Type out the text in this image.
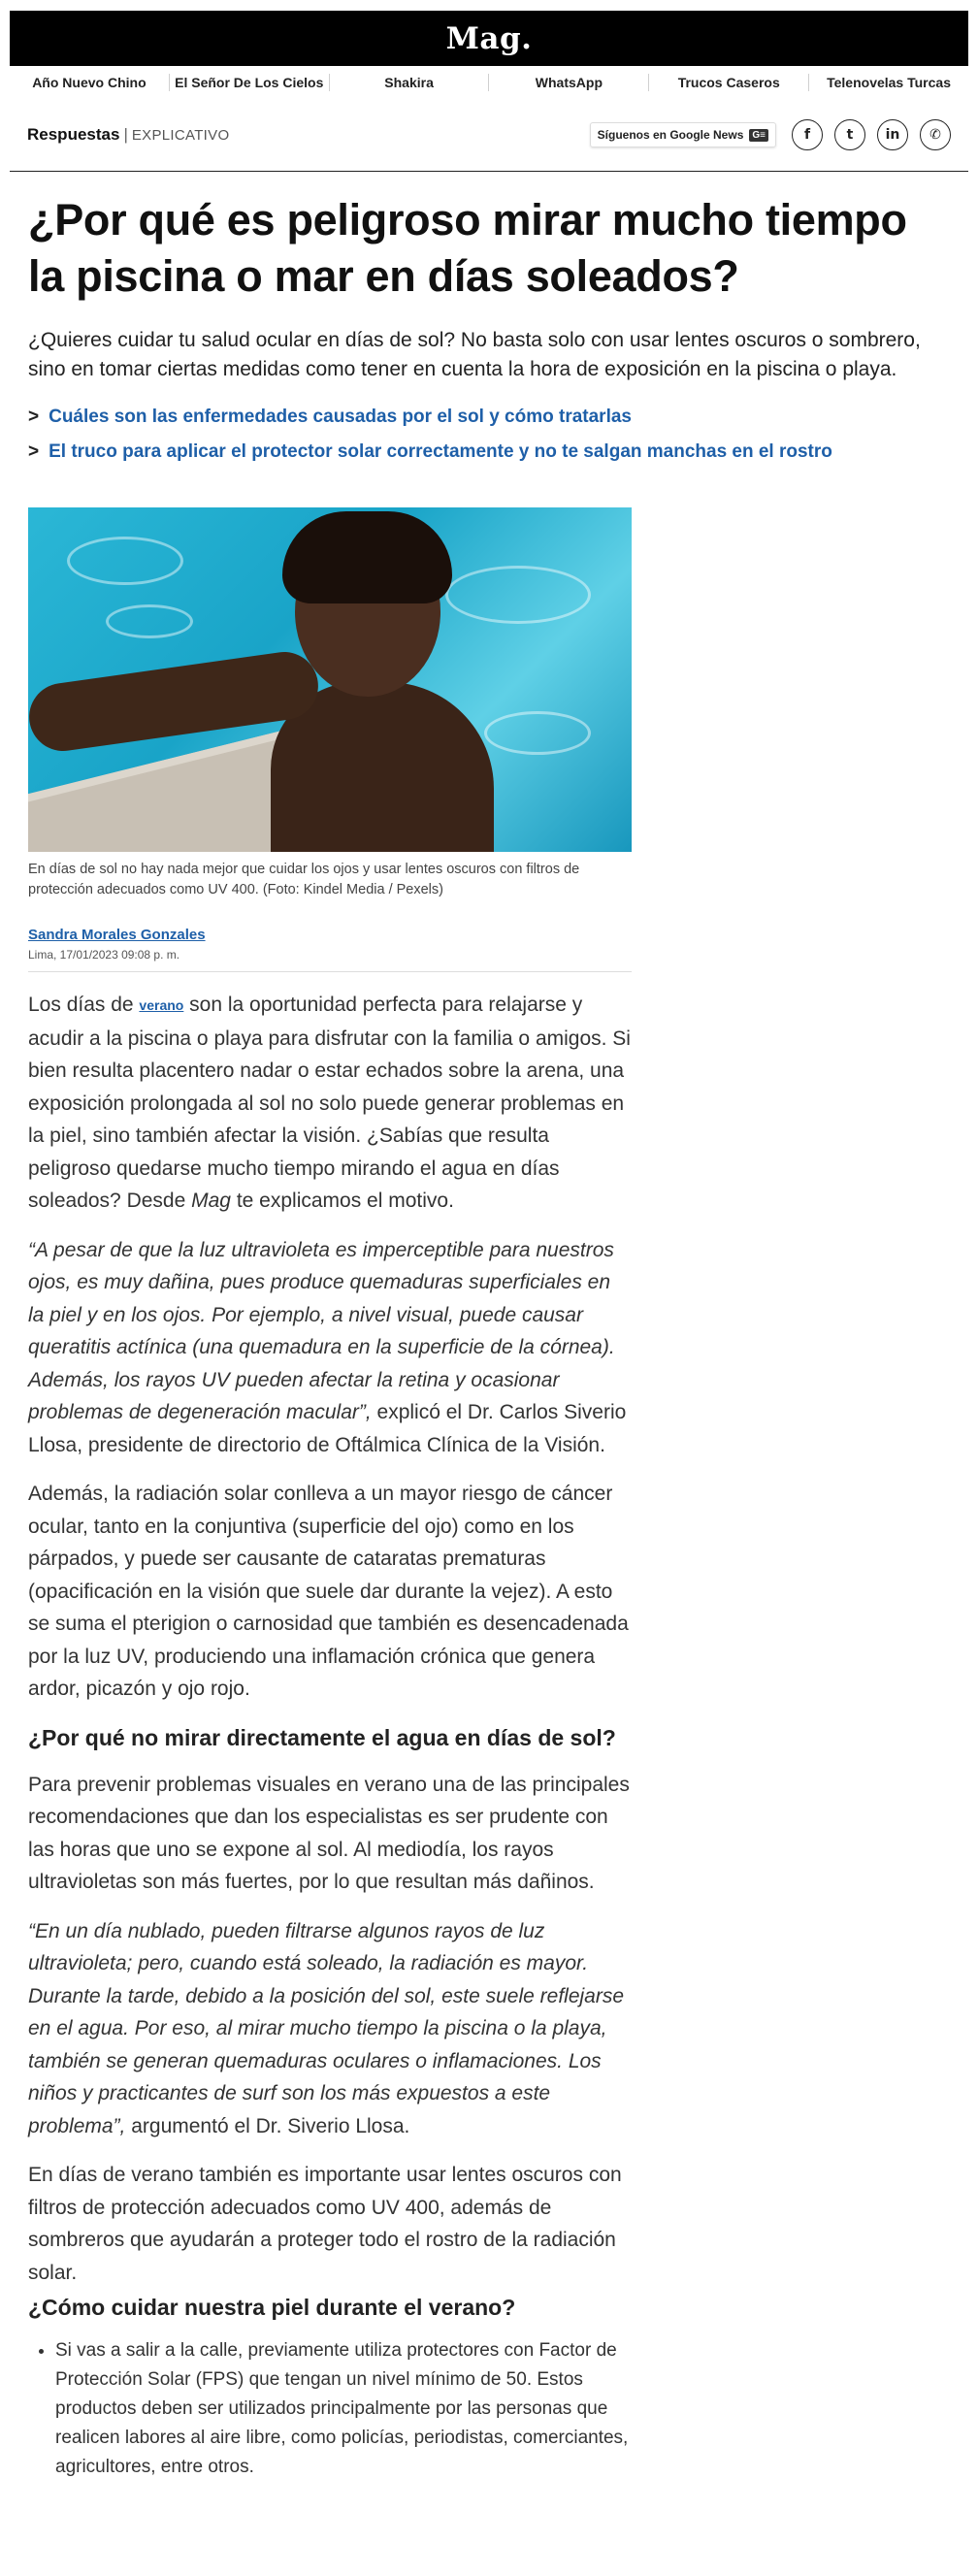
Mag.
Año Nuevo Chino	El Señor De Los Cielos	Shakira	WhatsApp	Trucos Caseros	Telenovelas Turcas
Respuestas | EXPLICATIVO	Síguenos en Google News G≡	f	t	in	✆
¿Por qué es peligroso mirar mucho tiempo la piscina o mar en días soleados?

¿Quieres cuidar tu salud ocular en días de sol? No basta solo con usar lentes oscuros o sombrero, sino en tomar ciertas medidas como tener en cuenta la hora de exposición en la piscina o playa.

> Cuáles son las enfermedades causadas por el sol y cómo tratarlas
> El truco para aplicar el protector solar correctamente y no te salgan manchas en el rostro
En días de sol no hay nada mejor que cuidar los ojos y usar lentes oscuros con filtros de protección adecuados como UV 400. (Foto: Kindel Media / Pexels)
Sandra Morales Gonzales
Lima, 17/01/2023 09:08 p. m.

Los días de verano son la oportunidad perfecta para relajarse y acudir a la piscina o playa para disfrutar con la familia o amigos. Si bien resulta placentero nadar o estar echados sobre la arena, una exposición prolongada al sol no solo puede generar problemas en la piel, sino también afectar la visión. ¿Sabías que resulta peligroso quedarse mucho tiempo mirando el agua en días soleados? Desde Mag te explicamos el motivo.

“A pesar de que la luz ultravioleta es imperceptible para nuestros ojos, es muy dañina, pues produce quemaduras superficiales en la piel y en los ojos. Por ejemplo, a nivel visual, puede causar queratitis actínica (una quemadura en la superficie de la córnea). Además, los rayos UV pueden afectar la retina y ocasionar problemas de degeneración macular”, explicó el Dr. Carlos Siverio Llosa, presidente de directorio de Oftálmica Clínica de la Visión.

Además, la radiación solar conlleva a un mayor riesgo de cáncer ocular, tanto en la conjuntiva (superficie del ojo) como en los párpados, y puede ser causante de cataratas prematuras (opacificación en la visión que suele dar durante la vejez). A esto se suma el pterigion o carnosidad que también es desencadenada por la luz UV, produciendo una inflamación crónica que genera ardor, picazón y ojo rojo.

¿Por qué no mirar directamente el agua en días de sol?

Para prevenir problemas visuales en verano una de las principales recomendaciones que dan los especialistas es ser prudente con las horas que uno se expone al sol. Al mediodía, los rayos ultravioletas son más fuertes, por lo que resultan más dañinos.

“En un día nublado, pueden filtrarse algunos rayos de luz ultravioleta; pero, cuando está soleado, la radiación es mayor. Durante la tarde, debido a la posición del sol, este suele reflejarse en el agua. Por eso, al mirar mucho tiempo la piscina o la playa, también se generan quemaduras oculares o inflamaciones. Los niños y practicantes de surf son los más expuestos a este problema”, argumentó el Dr. Siverio Llosa.

En días de verano también es importante usar lentes oscuros con filtros de protección adecuados como UV 400, además de sombreros que ayudarán a proteger todo el rostro de la radiación solar.

¿Cómo cuidar nuestra piel durante el verano?
• Si vas a salir a la calle, previamente utiliza protectores con Factor de Protección Solar (FPS) que tengan un nivel mínimo de 50. Estos productos deben ser utilizados principalmente por las personas que realicen labores al aire libre, como policías, periodistas, comerciantes, agricultores, entre otros.
